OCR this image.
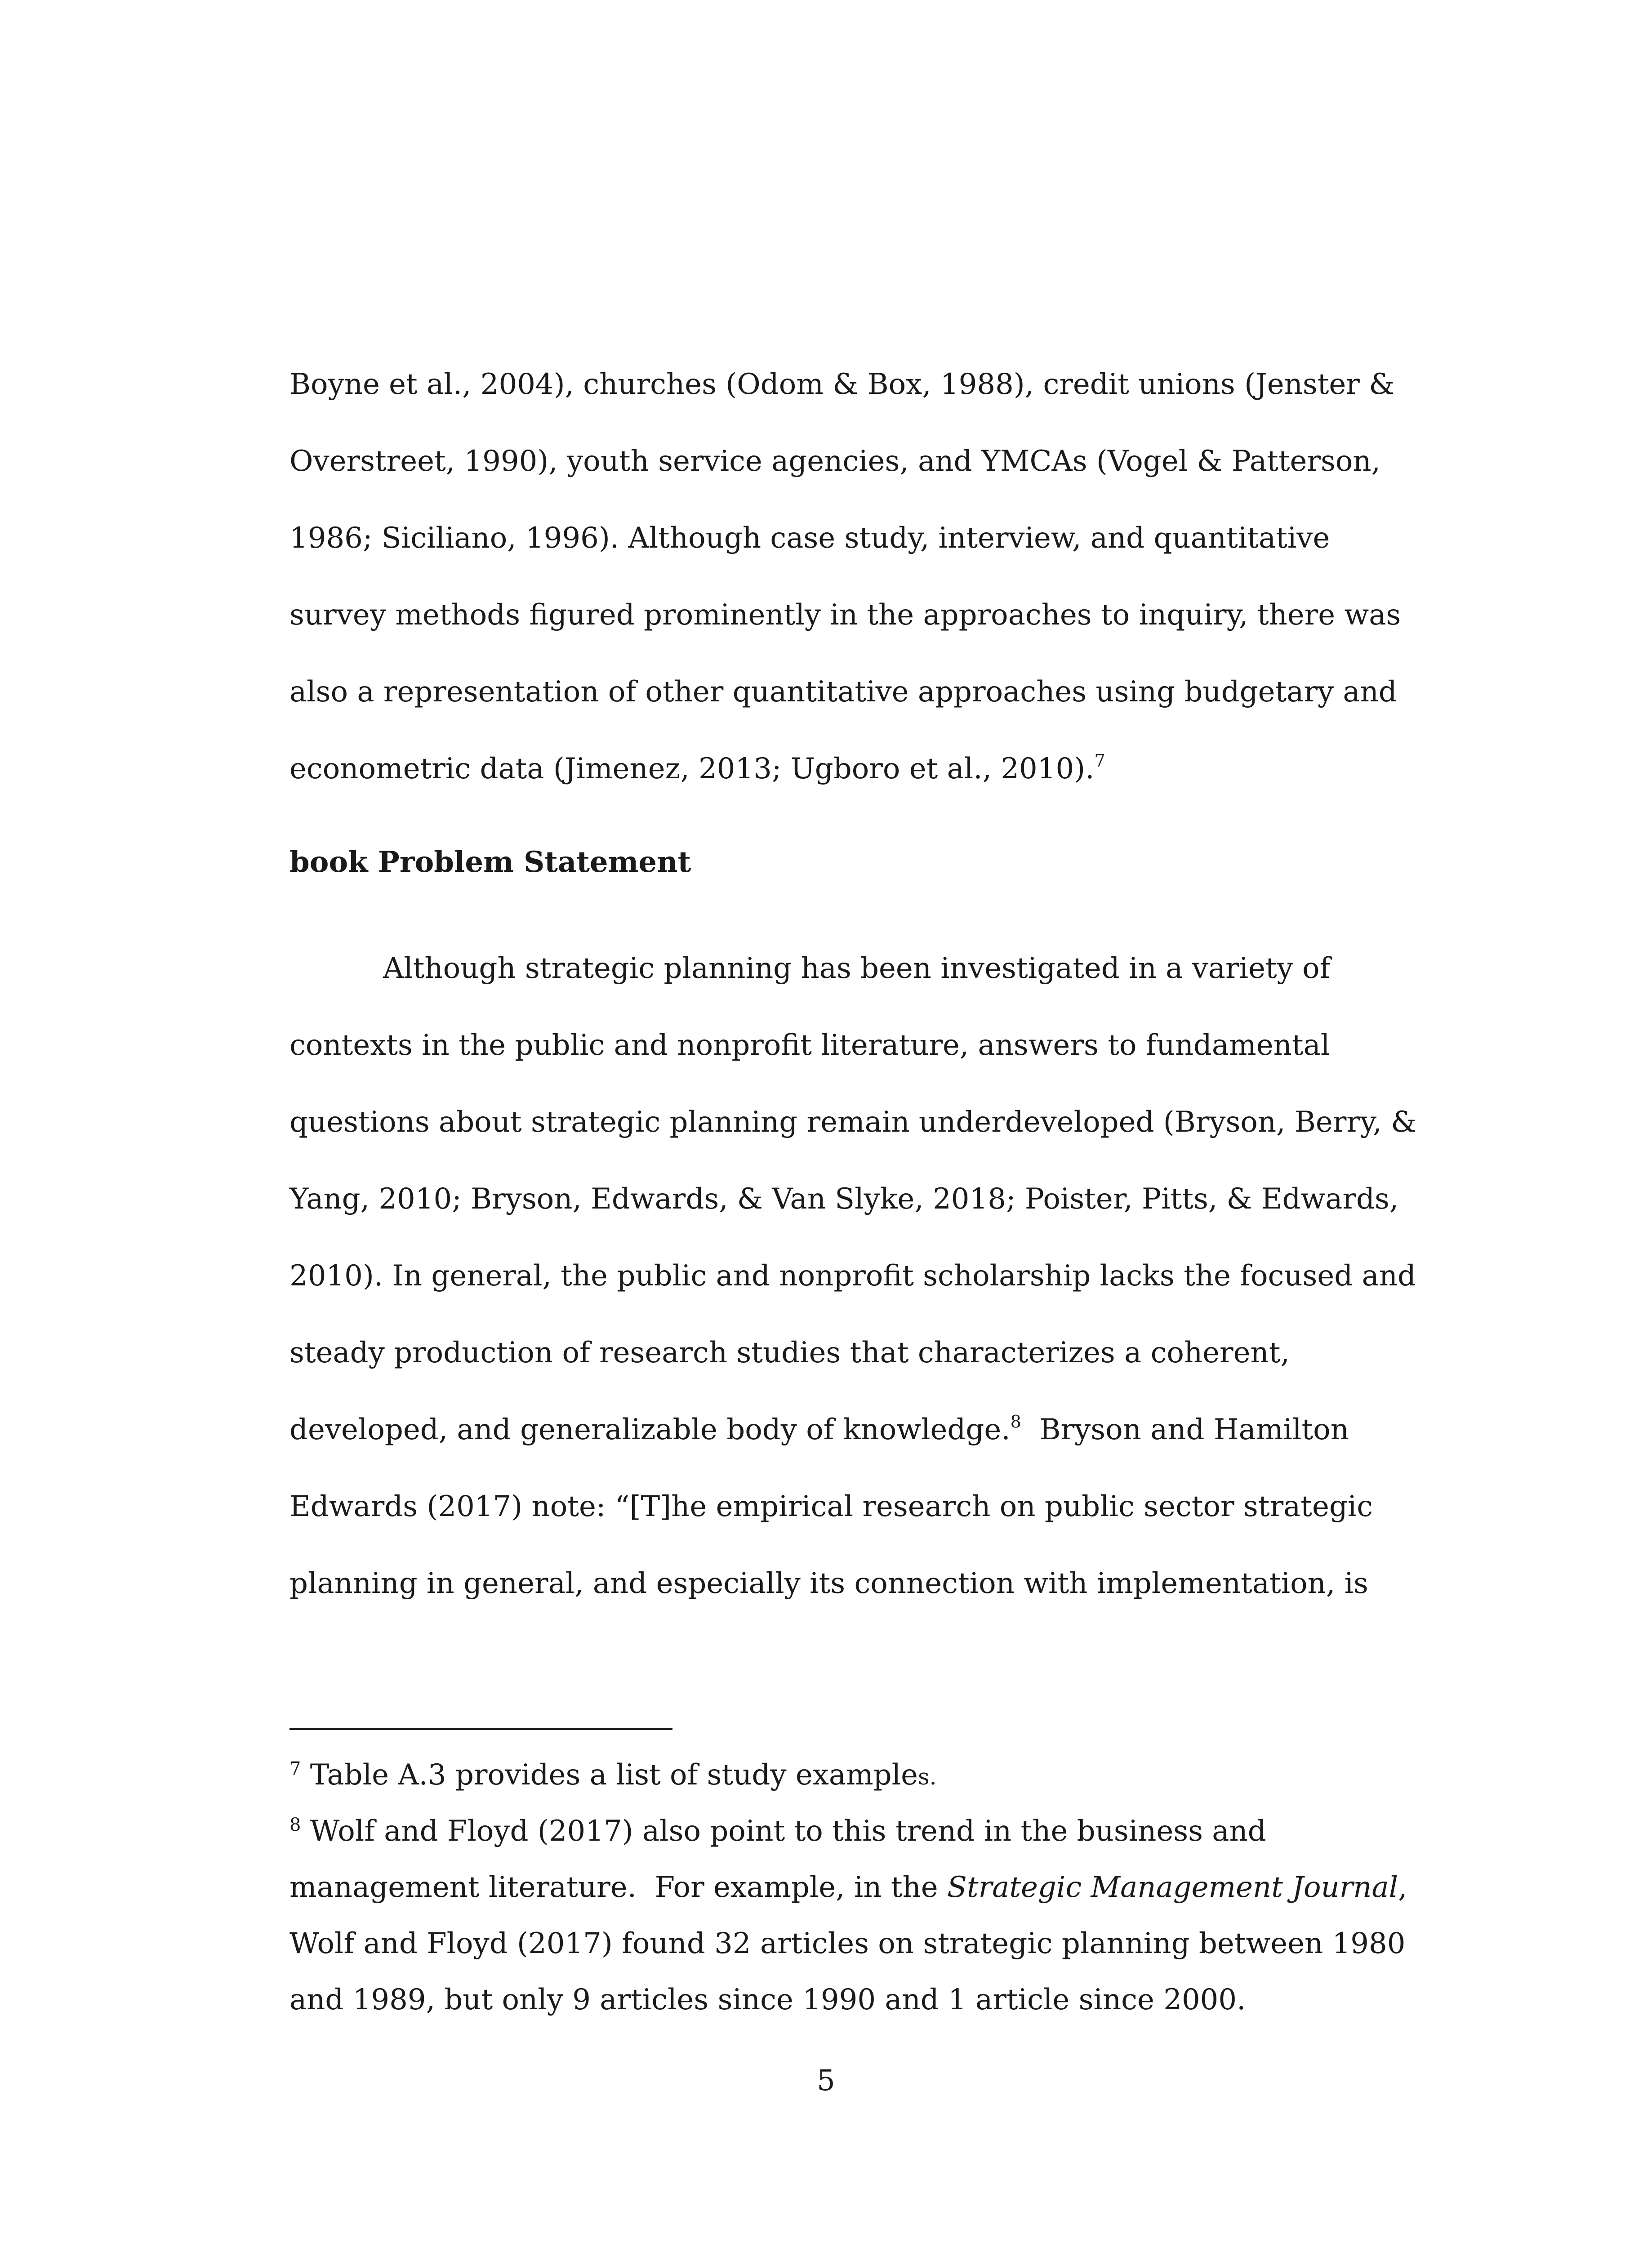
Boyne et al., 2004), churches (Odom & Box, 1988), credit unions (Jenster &
Overstreet, 1990), youth service agencies, and YMCAs (Vogel & Patterson,
1986; Siciliano, 1996). Although case study, interview, and quantitative
survey methods figured prominently in the approaches to inquiry, there was
also a representation of other quantitative approaches using budgetary and
econometric data (Jimenez, 2013; Ugboro et al., 2010).$^7$
book Problem Statement
Although strategic planning has been investigated in a variety of
contexts in the public and nonprofit literature, answers to fundamental
questions about strategic planning remain underdeveloped (Bryson, Berry, &
Yang, 2010; Bryson, Edwards, & Van Slyke, 2018; Poister, Pitts, & Edwards,
2010). In general, the public and nonprofit scholarship lacks the focused and
steady production of research studies that characterizes a coherent,
developed, and generalizable body of knowledge.$^8$  Bryson and Hamilton
Edwards (2017) note: “[T]he empirical research on public sector strategic
planning in general, and especially its connection with implementation, is
$^7$ Table A.3 provides a list of study examples.
$^8$ Wolf and Floyd (2017) also point to this trend in the business and
management literature.  For example, in the Strategic Management Journal,
Wolf and Floyd (2017) found 32 articles on strategic planning between 1980
and 1989, but only 9 articles since 1990 and 1 article since 2000.
5
